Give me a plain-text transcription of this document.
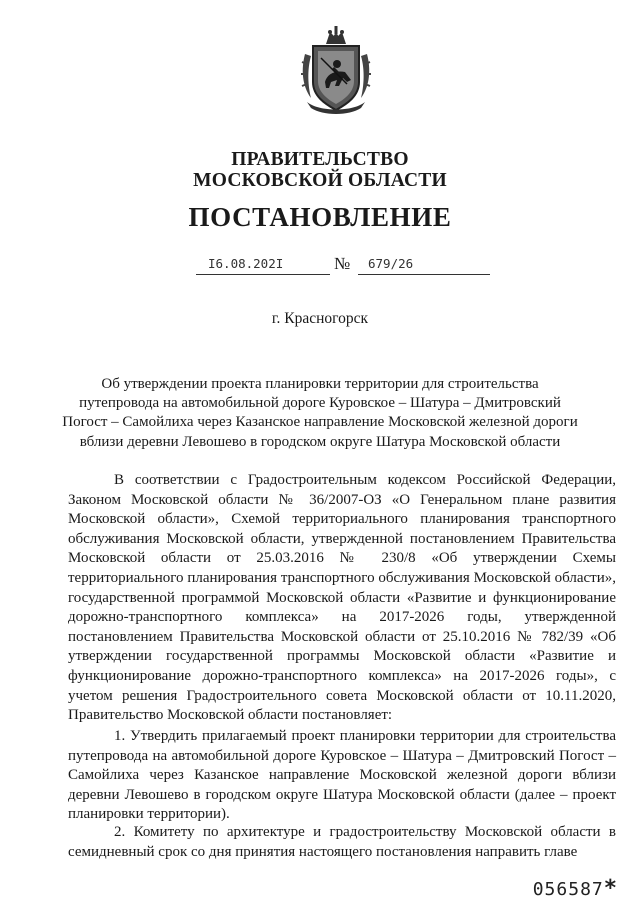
ПРАВИТЕЛЬСТВО
МОСКОВСКОЙ ОБЛАСТИ
ПОСТАНОВЛЕНИЕ
I6.08.202I	№ 679/26
г. Красногорск
Об утверждении проекта планировки территории для строительства путепровода на автомобильной дороге Куровское – Шатура – Дмитровский Погост – Самойлиха через Казанское направление Московской железной дороги вблизи деревни Левошево в городском округе Шатура Московской области

В соответствии с Градостроительным кодексом Российской Федерации, Законом Московской области № 36/2007-ОЗ «О Генеральном плане развития Московской области», Схемой территориального планирования транспортного обслуживания Московской области, утвержденной постановлением Правительства Московской области от 25.03.2016 № 230/8 «Об утверждении Схемы территориального планирования транспортного обслуживания Московской области», государственной программой Московской области «Развитие и функционирование дорожно-транспортного комплекса» на 2017-2026 годы, утвержденной постановлением Правительства Московской области от 25.10.2016 № 782/39 «Об утверждении государственной программы Московской области «Развитие и функционирование дорожно-транспортного комплекса» на 2017-2026 годы», с учетом решения Градостроительного совета Московской области от 10.11.2020, Правительство Московской области постановляет:

1. Утвердить прилагаемый проект планировки территории для строительства путепровода на автомобильной дороге Куровское – Шатура – Дмитровский Погост – Самойлиха через Казанское направление Московской железной дороги вблизи деревни Левошево в городском округе Шатура Московской области (далее – проект планировки территории).

2. Комитету по архитектуре и градостроительству Московской области в семидневный срок со дня принятия настоящего постановления направить главе

056587*
